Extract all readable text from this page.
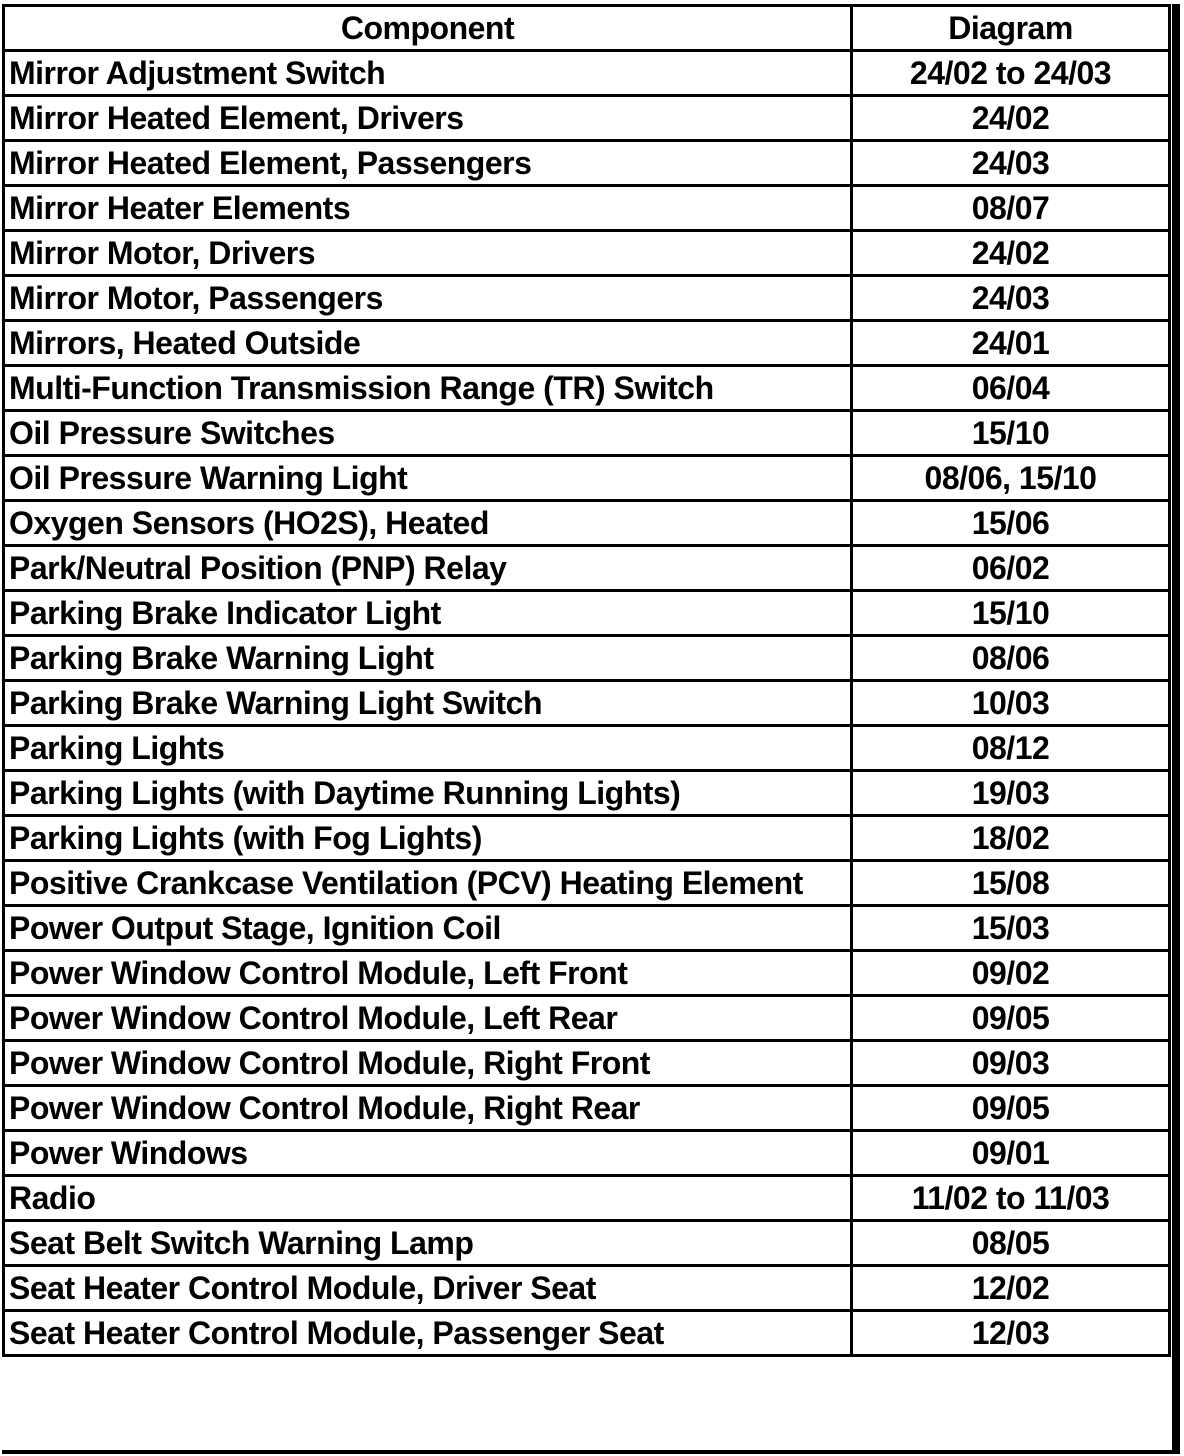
Component	Diagram
Mirror Adjustment Switch	24/02 to 24/03
Mirror Heated Element, Drivers	24/02
Mirror Heated Element, Passengers	24/03
Mirror Heater Elements	08/07
Mirror Motor, Drivers	24/02
Mirror Motor, Passengers	24/03
Mirrors, Heated Outside	24/01
Multi-Function Transmission Range (TR) Switch	06/04
Oil Pressure Switches	15/10
Oil Pressure Warning Light	08/06, 15/10
Oxygen Sensors (HO2S), Heated	15/06
Park/Neutral Position (PNP) Relay	06/02
Parking Brake Indicator Light	15/10
Parking Brake Warning Light	08/06
Parking Brake Warning Light Switch	10/03
Parking Lights	08/12
Parking Lights (with Daytime Running Lights)	19/03
Parking Lights (with Fog Lights)	18/02
Positive Crankcase Ventilation (PCV) Heating Element	15/08
Power Output Stage, Ignition Coil	15/03
Power Window Control Module, Left Front	09/02
Power Window Control Module, Left Rear	09/05
Power Window Control Module, Right Front	09/03
Power Window Control Module, Right Rear	09/05
Power Windows	09/01
Radio	11/02 to 11/03
Seat Belt Switch Warning Lamp	08/05
Seat Heater Control Module, Driver Seat	12/02
Seat Heater Control Module, Passenger Seat	12/03
